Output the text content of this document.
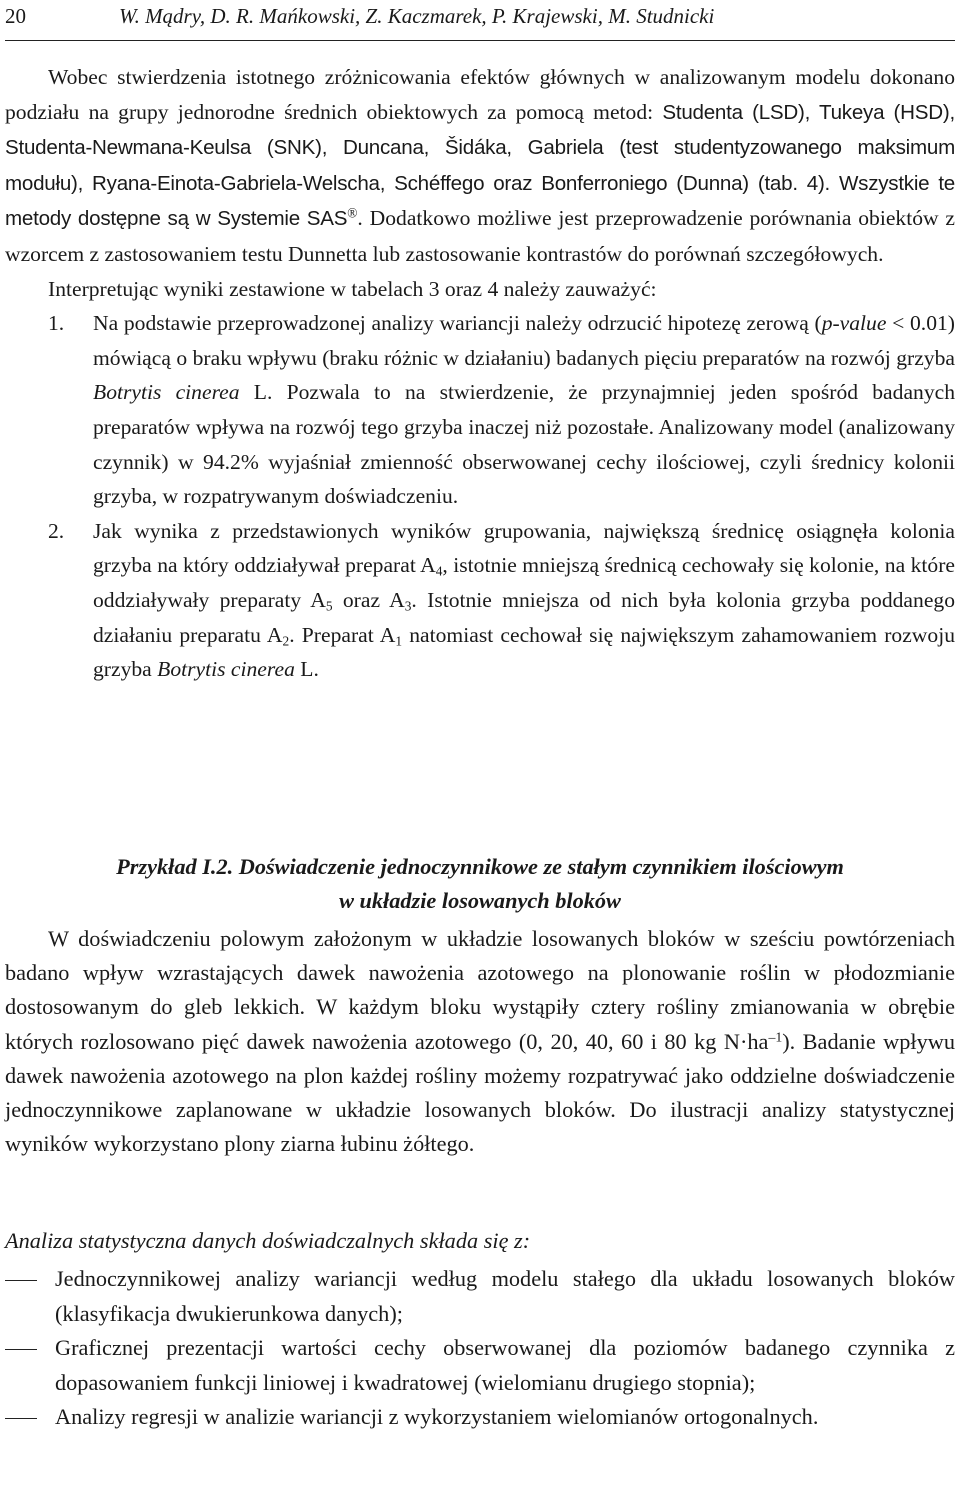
20	W. Mądry, D. R. Mańkowski, Z. Kaczmarek, P. Krajewski, M. Studnicki

Wobec stwierdzenia istotnego zróżnicowania efektów głównych w analizowanym modelu dokonano podziału na grupy jednorodne średnich obiektowych za pomocą metod: Studenta (LSD), Tukeya (HSD), Studenta-Newmana-Keulsa (SNK), Duncana, Šidáka, Gabriela (test studentyzowanego maksimum modułu), Ryana-Einota-Gabriela-Welscha, Schéffego oraz Bonferroniego (Dunna) (tab. 4). Wszystkie te metody dostępne są w Systemie SAS®. Dodatkowo możliwe jest przeprowadzenie porównania obiektów z wzorcem z zastosowaniem testu Dunnetta lub zastosowanie kontrastów do porównań szczegółowych.

Interpretując wyniki zestawione w tabelach 3 oraz 4 należy zauważyć:

1. Na podstawie przeprowadzonej analizy wariancji należy odrzucić hipotezę zerową (p-value < 0.01) mówiącą o braku wpływu (braku różnic w działaniu) badanych pięciu preparatów na rozwój grzyba Botrytis cinerea L. Pozwala to na stwierdzenie, że przynajmniej jeden spośród badanych preparatów wpływa na rozwój tego grzyba inaczej niż pozostałe. Analizowany model (analizowany czynnik) w 94.2% wyjaśniał zmienność obserwowanej cechy ilościowej, czyli średnicy kolonii grzyba, w rozpatrywanym doświadczeniu.
2. Jak wynika z przedstawionych wyników grupowania, największą średnicę osiągnęła kolonia grzyba na który oddziaływał preparat $A_4$, istotnie mniejszą średnicą cechowały się kolonie, na które oddziaływały preparaty $A_5$ oraz $A_3$. Istotnie mniejsza od nich była kolonia grzyba poddanego działaniu preparatu $A_2$. Preparat $A_1$ natomiast cechował się największym zahamowaniem rozwoju grzyba Botrytis cinerea L.
Przykład I.2. Doświadczenie jednoczynnikowe ze stałym czynnikiem ilościowym
w układzie losowanych bloków

W doświadczeniu polowym założonym w układzie losowanych bloków w sześciu powtórzeniach badano wpływ wzrastających dawek nawożenia azotowego na plonowanie roślin w płodozmianie dostosowanym do gleb lekkich. W każdym bloku wystąpiły cztery rośliny zmianowania w obrębie których rozlosowano pięć dawek nawożenia azotowego (0, 20, 40, 60 i 80 kg $N\cdot ha^{-1}$). Badanie wpływu dawek nawożenia azotowego na plon każdej rośliny możemy rozpatrywać jako oddzielne doświadczenie jednoczynnikowe zaplanowane w układzie losowanych bloków. Do ilustracji analizy statystycznej wyników wykorzystano plony ziarna łubinu żółtego.

Analiza statystyczna danych doświadczalnych składa się z:
Jednoczynnikowej analizy wariancji według modelu stałego dla układu losowanych bloków (klasyfikacja dwukierunkowa danych);
Graficznej prezentacji wartości cechy obserwowanej dla poziomów badanego czynnika z dopasowaniem funkcji liniowej i kwadratowej (wielomianu drugiego stopnia);
Analizy regresji w analizie wariancji z wykorzystaniem wielomianów ortogonalnych.
